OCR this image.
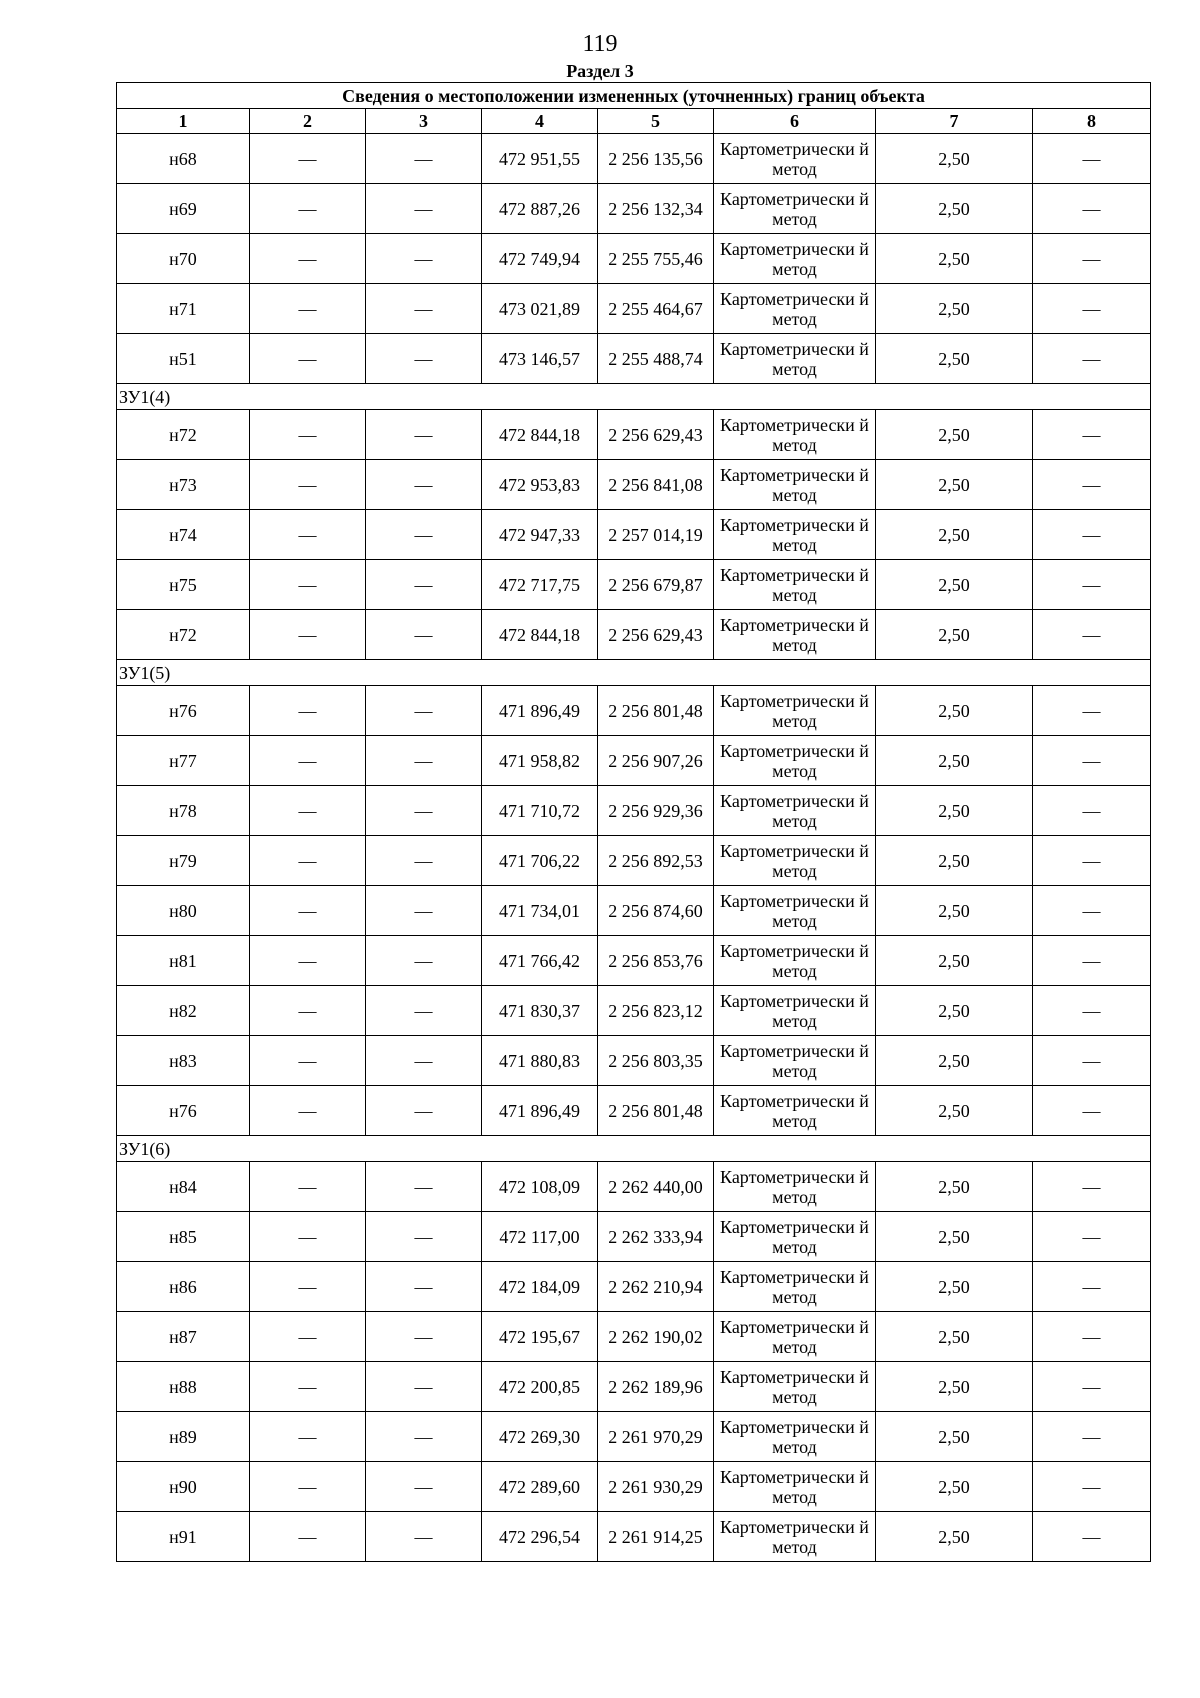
119
Раздел 3
Сведения о местоположении измененных (уточненных) границ объекта							
1	2	3	4	5	6	7	8
н68	—	—	472 951,55	2 256 135,56	Картометрически й метод	2,50	—
н69	—	—	472 887,26	2 256 132,34	Картометрически й метод	2,50	—
н70	—	—	472 749,94	2 255 755,46	Картометрически й метод	2,50	—
н71	—	—	473 021,89	2 255 464,67	Картометрически й метод	2,50	—
н51	—	—	473 146,57	2 255 488,74	Картометрически й метод	2,50	—
ЗУ1(4)							
н72	—	—	472 844,18	2 256 629,43	Картометрически й метод	2,50	—
н73	—	—	472 953,83	2 256 841,08	Картометрически й метод	2,50	—
н74	—	—	472 947,33	2 257 014,19	Картометрически й метод	2,50	—
н75	—	—	472 717,75	2 256 679,87	Картометрически й метод	2,50	—
н72	—	—	472 844,18	2 256 629,43	Картометрически й метод	2,50	—
ЗУ1(5)							
н76	—	—	471 896,49	2 256 801,48	Картометрически й метод	2,50	—
н77	—	—	471 958,82	2 256 907,26	Картометрически й метод	2,50	—
н78	—	—	471 710,72	2 256 929,36	Картометрически й метод	2,50	—
н79	—	—	471 706,22	2 256 892,53	Картометрически й метод	2,50	—
н80	—	—	471 734,01	2 256 874,60	Картометрически й метод	2,50	—
н81	—	—	471 766,42	2 256 853,76	Картометрически й метод	2,50	—
н82	—	—	471 830,37	2 256 823,12	Картометрически й метод	2,50	—
н83	—	—	471 880,83	2 256 803,35	Картометрически й метод	2,50	—
н76	—	—	471 896,49	2 256 801,48	Картометрически й метод	2,50	—
ЗУ1(6)							
н84	—	—	472 108,09	2 262 440,00	Картометрически й метод	2,50	—
н85	—	—	472 117,00	2 262 333,94	Картометрически й метод	2,50	—
н86	—	—	472 184,09	2 262 210,94	Картометрически й метод	2,50	—
н87	—	—	472 195,67	2 262 190,02	Картометрически й метод	2,50	—
н88	—	—	472 200,85	2 262 189,96	Картометрически й метод	2,50	—
н89	—	—	472 269,30	2 261 970,29	Картометрически й метод	2,50	—
н90	—	—	472 289,60	2 261 930,29	Картометрически й метод	2,50	—
н91	—	—	472 296,54	2 261 914,25	Картометрически й метод	2,50	—
